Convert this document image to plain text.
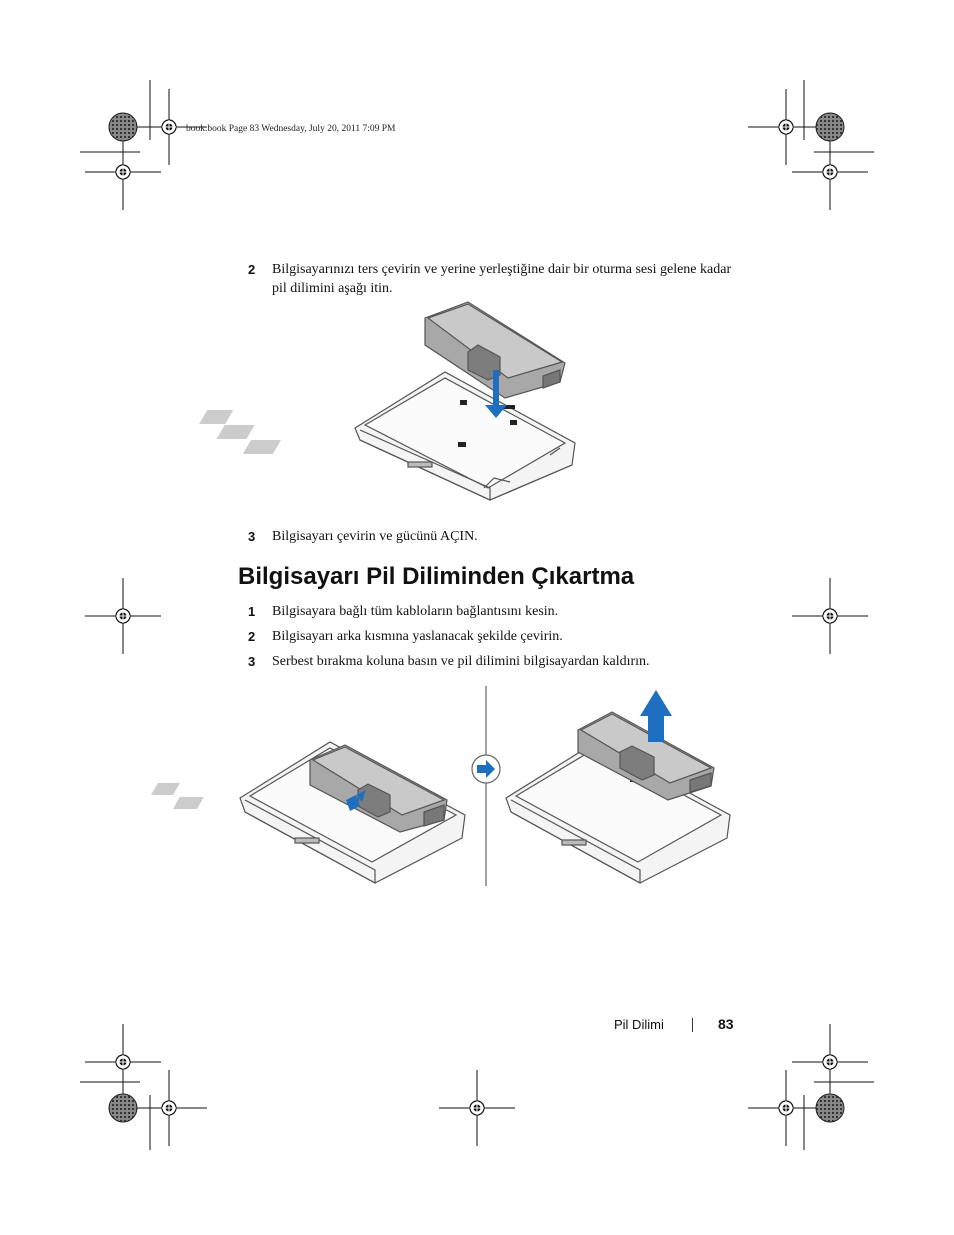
book.book Page 83 Wednesday, July 20, 2011 7:09 PM
2 Bilgisayarınızı ters çevirin ve yerine yerleştiğine dair bir oturma sesi gelene kadar pil dilimini aşağı itin.
3 Bilgisayarı çevirin ve gücünü AÇIN.
Bilgisayarı Pil Diliminden Çıkartma
1 Bilgisayara bağlı tüm kabloların bağlantısını kesin.
2 Bilgisayarı arka kısmına yaslanacak şekilde çevirin.
3 Serbest bırakma koluna basın ve pil dilimini bilgisayardan kaldırın.
Pil Dilimi	83
